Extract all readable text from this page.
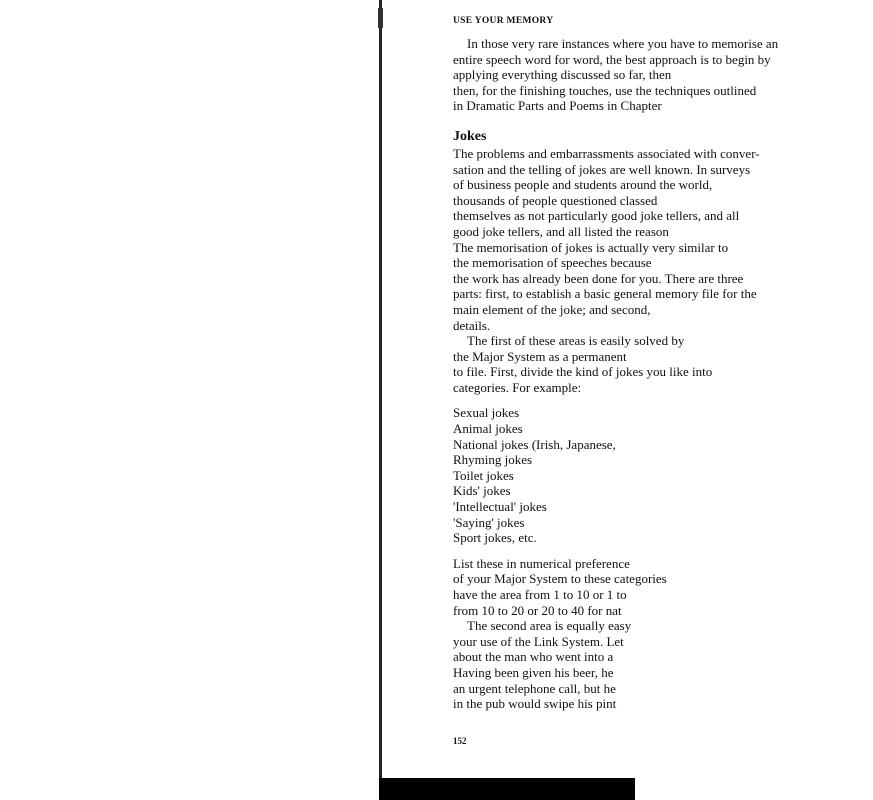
USE YOUR MEMORY

In those very rare instances where you have to memorise an
entire speech word for word, the best approach is to begin by
applying everything discussed so far, then
then, for the finishing touches, use the techniques outlined
in Dramatic Parts and Poems in Chapter

Jokes

The problems and embarrassments associated with conver-
sation and the telling of jokes are well known. In surveys
of business people and students around the world,
thousands of people questioned classed
themselves as not particularly good joke tellers, and all
good joke tellers, and all listed the reason
The memorisation of jokes is actually very similar to
the memorisation of speeches because
the work has already been done for you. There are three
parts: first, to establish a basic general memory file for the
main element of the joke; and second,
details.

The first of these areas is easily solved by
the Major System as a permanent
to file. First, divide the kind of jokes you like into
categories. For example:

Sexual jokes
Animal jokes
National jokes (Irish, Japanese,
Rhyming jokes
Toilet jokes
Kids' jokes
'Intellectual' jokes
'Saying' jokes
Sport jokes, etc.

List these in numerical preference
of your Major System to these categories
have the area from 1 to 10 or 1 to
from 10 to 20 or 20 to 40 for nat

The second area is equally easy
your use of the Link System. Let
about the man who went into a
Having been given his beer, he
an urgent telephone call, but he
in the pub would swipe his pint

152
